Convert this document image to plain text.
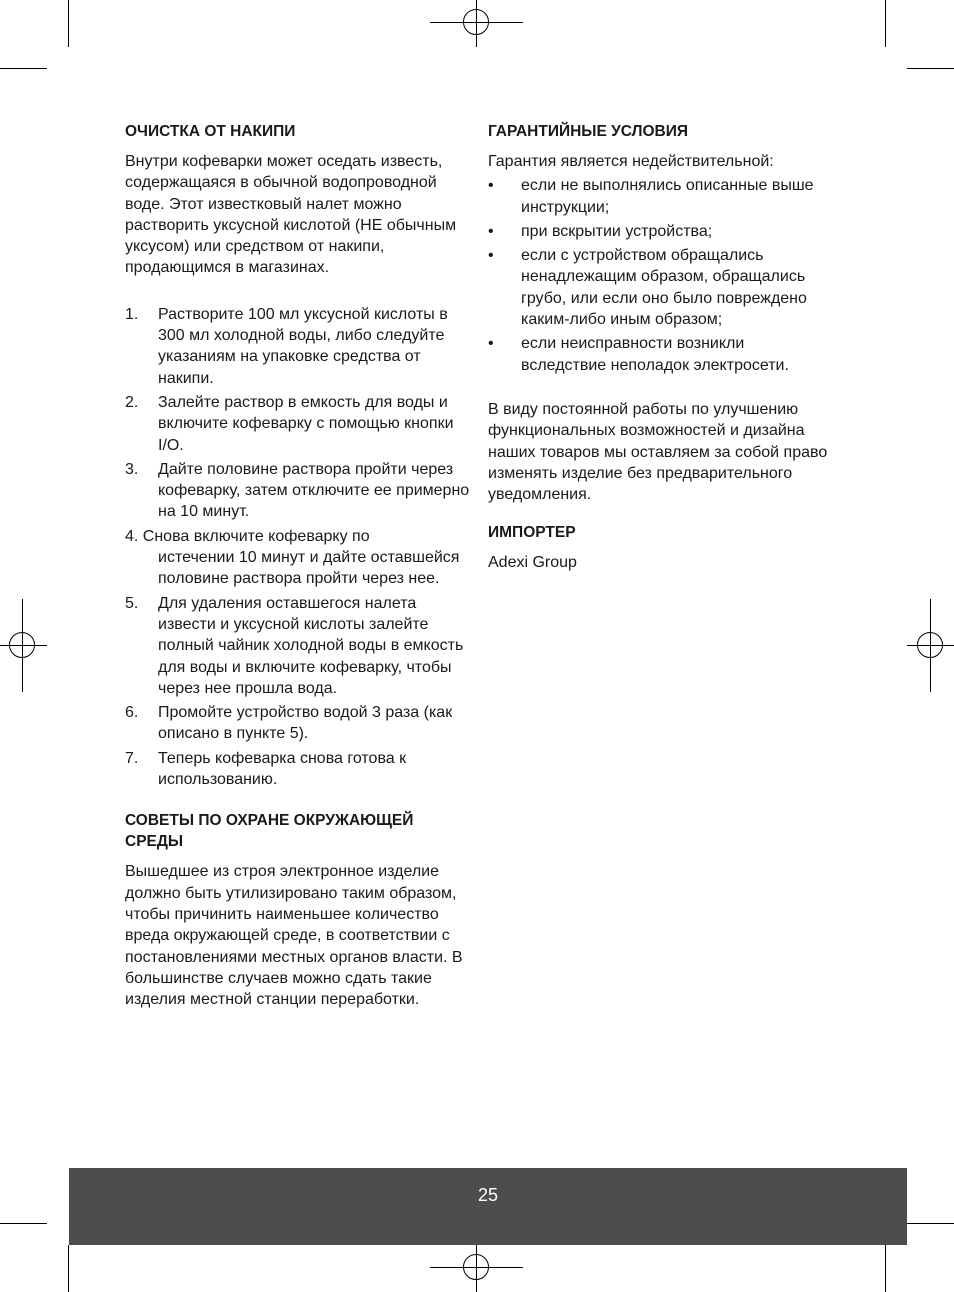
ОЧИСТКА ОТ НАКИПИ

Внутри кофеварки может оседать известь, содержащаяся в обычной водопроводной воде. Этот известковый налет можно растворить уксусной кислотой (НЕ обычным уксусом) или средством от накипи, продающимся в магазинах.

1. Растворите 100 мл уксусной кислоты в 300 мл холодной воды, либо следуйте указаниям на упаковке средства от накипи.
2. Залейте раствор в емкость для воды и включите кофеварку с помощью кнопки I/O.
3. Дайте половине раствора пройти через кофеварку, затем отключите ее примерно на 10 минут.
4. Снова включите кофеварку по
истечении 10 минут и дайте оставшейся половине раствора пройти через нее.
5. Для удаления оставшегося налета извести и уксусной кислоты залейте полный чайник холодной воды в емкость для воды и включите кофеварку, чтобы через нее прошла вода.
6. Промойте устройство водой 3 раза (как описано в пункте 5).
7. Теперь кофеварка снова готова к использованию.
СОВЕТЫ ПО ОХРАНЕ ОКРУЖАЮЩЕЙ СРЕДЫ

Вышедшее из строя электронное изделие должно быть утилизировано таким образом, чтобы причинить наименьшее количество вреда окружающей среде, в соответствии с постановлениями местных органов власти. В большинстве случаев можно сдать такие изделия местной станции переработки.

ГАРАНТИЙНЫЕ УСЛОВИЯ

Гарантия является недействительной:

• если не выполнялись описанные выше инструкции;
• при вскрытии устройства;
• если с устройством обращались ненадлежащим образом, обращались грубо, или если оно было повреждено каким-либо иным образом;
• если неисправности возникли вследствие неполадок электросети.

В виду постоянной работы по улучшению функциональных возможностей и дизайна наших товаров мы оставляем за собой право изменять изделие без предварительного уведомления.

ИМПОРТЕР

Adexi Group

25
